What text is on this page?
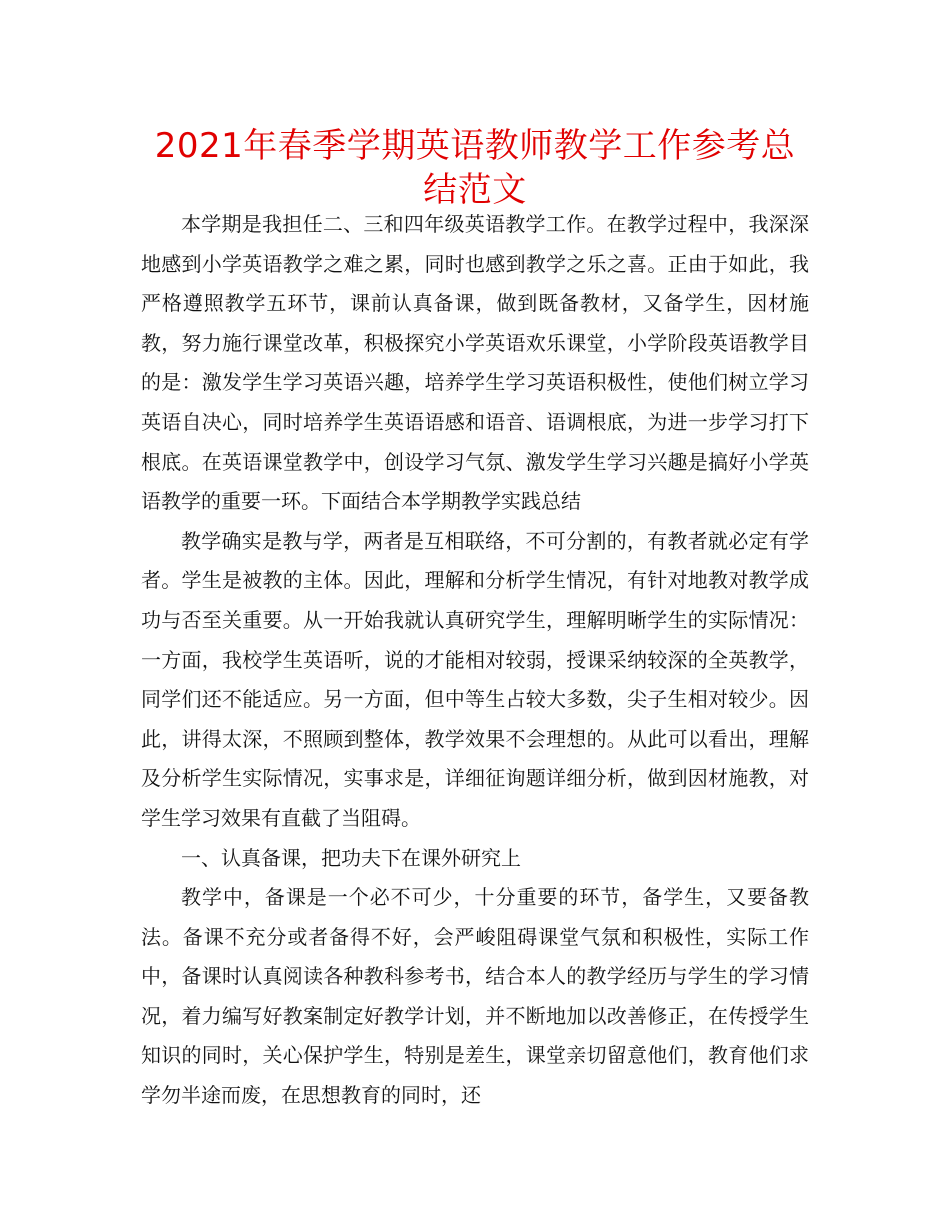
2021年春季学期英语教师教学工作参考总结范文

本学期是我担任二、三和四年级英语教学工作。在教学过程中，我深深地感到小学英语教学之难之累，同时也感到教学之乐之喜。正由于如此，我严格遵照教学五环节，课前认真备课，做到既备教材，又备学生，因材施教，努力施行课堂改革，积极探究小学英语欢乐课堂，小学阶段英语教学目的是：激发学生学习英语兴趣，培养学生学习英语积极性，使他们树立学习英语自决心，同时培养学生英语语感和语音、语调根底，为进一步学习打下根底。在英语课堂教学中，创设学习气氛、激发学生学习兴趣是搞好小学英语教学的重要一环。下面结合本学期教学实践总结

教学确实是教与学，两者是互相联络，不可分割的，有教者就必定有学者。学生是被教的主体。因此，理解和分析学生情况，有针对地教对教学成功与否至关重要。从一开始我就认真研究学生，理解明晰学生的实际情况：一方面，我校学生英语听，说的才能相对较弱，授课采纳较深的全英教学，同学们还不能适应。另一方面，但中等生占较大多数，尖子生相对较少。因此，讲得太深，不照顾到整体，教学效果不会理想的。从此可以看出，理解及分析学生实际情况，实事求是，详细征询题详细分析，做到因材施教，对学生学习效果有直截了当阻碍。

一、认真备课，把功夫下在课外研究上

教学中，备课是一个必不可少，十分重要的环节，备学生，又要备教法。备课不充分或者备得不好，会严峻阻碍课堂气氛和积极性，实际工作中，备课时认真阅读各种教科参考书，结合本人的教学经历与学生的学习情况，着力编写好教案制定好教学计划，并不断地加以改善修正，在传授学生知识的同时，关心保护学生，特别是差生，课堂亲切留意他们，教育他们求学勿半途而废，在思想教育的同时，还
